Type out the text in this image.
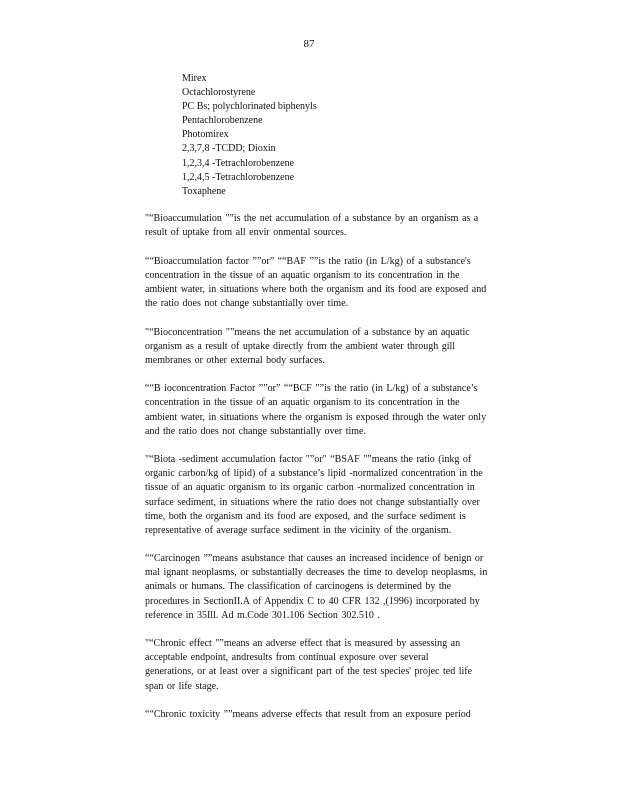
87
Mirex
Octachlorostyrene
PC Bs; polychlorinated biphenyls
Pentachlorobenzene
Photomirex
2,3,7,8 -TCDD; Dioxin
1,2,3,4 -Tetrachlorobenzene
1,2,4,5 -Tetrachlorobenzene
Toxaphene

"“Bioaccumulation "”is the net accumulation of a substance by an organism as a
result of uptake from all envir onmental sources.

““Bioaccumulation factor ””or” ““BAF ””is the ratio (in L/kg) of a substance's
concentration in the tissue of an aquatic organism to its concentration in the
ambient water, in situations where both the organism and its food are exposed and
the ratio does not change substantially over time.

"“Bioconcentration "”means the net accumulation of a substance by an aquatic
organism as a result of uptake directly from the ambient water through gill
membranes or other external body surfaces.

““B ioconcentration Factor ””or” ““BCF ””is the ratio (in L/kg) of a substance’s
concentration in the tissue of an aquatic organism to its concentration in the
ambient water, in situations where the organism is exposed through the water only
and the ratio does not change substantially over time.

"“Biota -sediment accumulation factor "”or" “BSAF "”means the ratio (inkg of
organic carbon/kg of lipid) of a substance’s lipid -normalized concentration in the
tissue of an aquatic organism to its organic carbon -normalized concentration in
surface sediment, in situations where the ratio does not change substantially over
time, both the organism and its food are exposed, and the surface sediment is
representative of average surface sediment in the vicinity of the organism.

““Carcinogen ””means asubstance that causes an increased incidence of benign or
mal ignant neoplasms, or substantially decreases the time to develop neoplasms, in
animals or humans. The classification of carcinogens is determined by the
procedures in SectionII.A of Appendix C to 40 CFR 132 ,(1996) incorporated by
reference in 35Ill. Ad m.Code 301.106 Section 302.510 .

"“Chronic effect "”means an adverse effect that is measured by assessing an
acceptable endpoint, andresults from continual exposure over several
generations, or at least over a significant part of the test species' projec ted life
span or life stage.

““Chronic toxicity ””means adverse effects that result from an exposure period
